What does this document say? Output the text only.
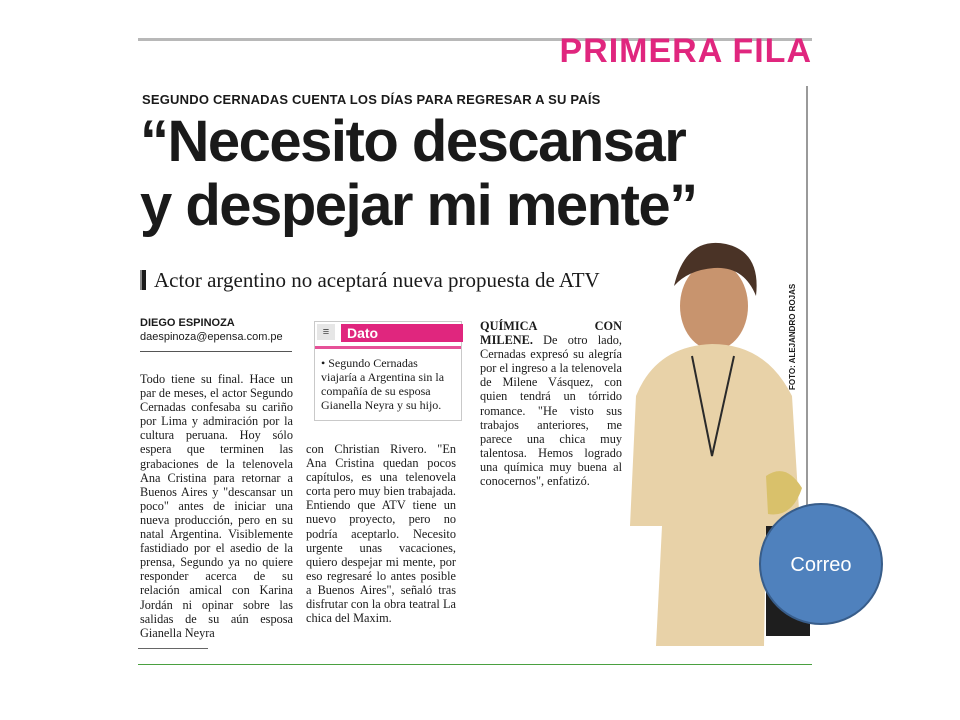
PRIMERA FILA
SEGUNDO CERNADAS CUENTA LOS DÍAS PARA REGRESAR A SU PAÍS
“Necesito descansar
y despejar mi mente”
Actor argentino no aceptará nueva propuesta de ATV
DIEGO ESPINOZA
daespinoza@epensa.com.pe

Todo tiene su final. Hace un par de meses, el actor Segundo Cernadas confesaba su cariño por Lima y admiración por la cultura peruana. Hoy sólo espera que terminen las grabaciones de la telenovela Ana Cristina para retornar a Buenos Aires y "descansar un poco" antes de iniciar una nueva producción, pero en su natal Argentina. Visiblemente fastidiado por el asedio de la prensa, Segundo ya no quiere responder acerca de su relación amical con Karina Jordán ni opinar sobre las salidas de su aún esposa Gianella Neyra

≡	Dato
• Segundo Cernadas viajaría a Argentina sin la compañía de su esposa Gianella Neyra y su hijo.

con Christian Rivero. "En Ana Cristina quedan pocos capítulos, es una telenovela corta pero muy bien trabajada. Entiendo que ATV tiene un nuevo proyecto, pero no podría aceptarlo. Necesito urgente unas vacaciones, quiero despejar mi mente, por eso regresaré lo antes posible a Buenos Aires", señaló tras disfrutar con la obra teatral La chica del Maxim.

QUÍMICA CON MILENE. De otro lado, Cernadas expresó su alegría por el ingreso a la telenovela de Milene Vásquez, con quien tendrá un tórrido romance. "He visto sus trabajos anteriores, me parece una chica muy talentosa. Hemos logrado una química muy buena al conocernos", enfatizó.

FOTO: ALEJANDRO ROJAS
Correo
